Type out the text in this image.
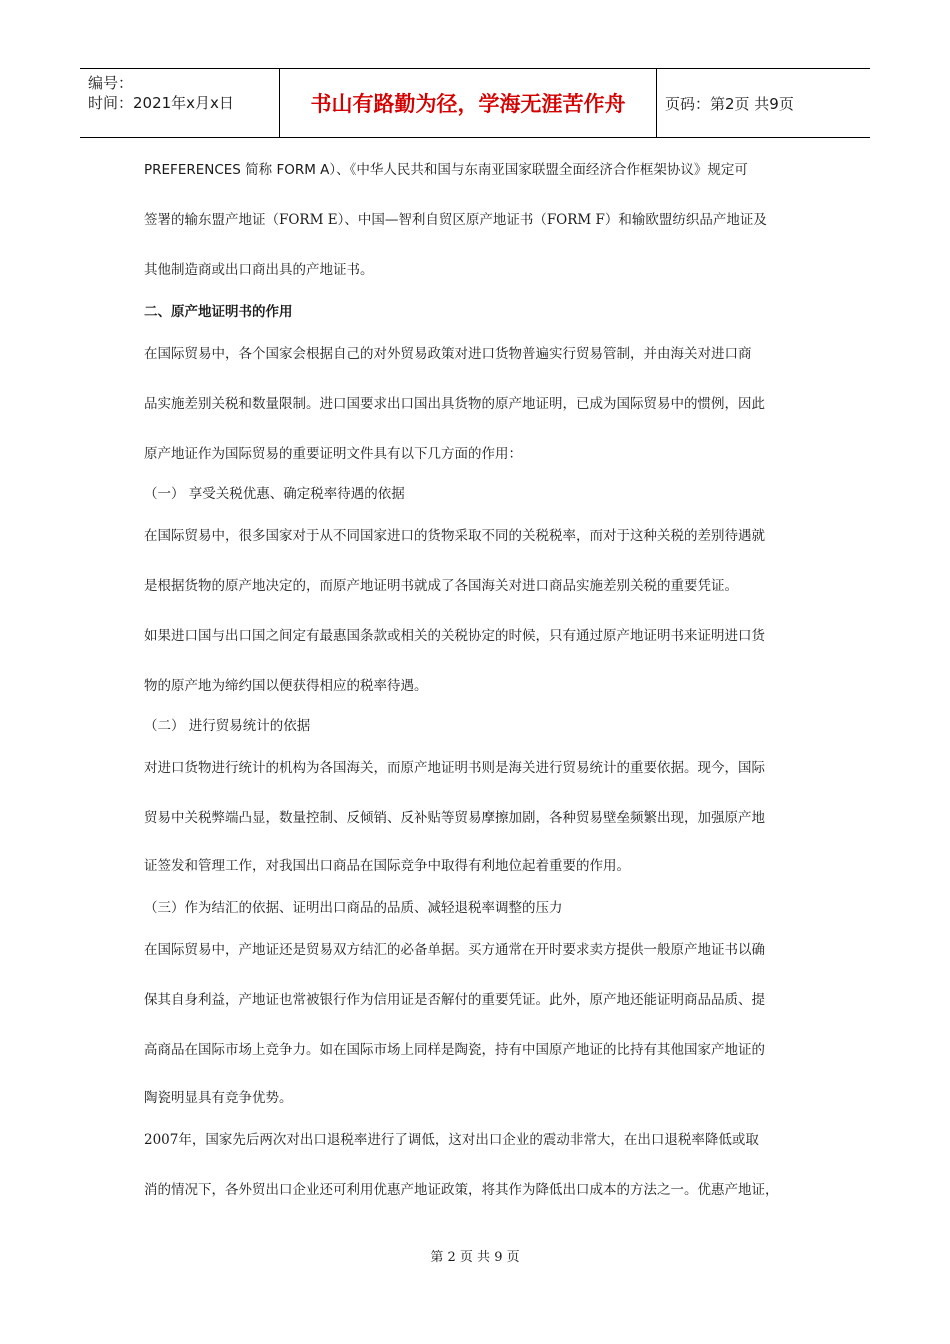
编号：
时间：2021年x月x日	书山有路勤为径，学海无涯苦作舟	页码：第2页 共9页
PREFERENCES 简称 FORM A）、《中华人民共和国与东南亚国家联盟全面经济合作框架协议》规定可
签署的输东盟产地证（FORM E）、中国—智利自贸区原产地证书（FORM F）和输欧盟纺织品产地证及
其他制造商或出口商出具的产地证书。
二、原产地证明书的作用
在国际贸易中，各个国家会根据自己的对外贸易政策对进口货物普遍实行贸易管制，并由海关对进口商
品实施差别关税和数量限制。进口国要求出口国出具货物的原产地证明，已成为国际贸易中的惯例，因此
原产地证作为国际贸易的重要证明文件具有以下几方面的作用：
（一） 享受关税优惠、确定税率待遇的依据
在国际贸易中，很多国家对于从不同国家进口的货物采取不同的关税税率，而对于这种关税的差别待遇就
是根据货物的原产地决定的，而原产地证明书就成了各国海关对进口商品实施差别关税的重要凭证。
如果进口国与出口国之间定有最惠国条款或相关的关税协定的时候，只有通过原产地证明书来证明进口货
物的原产地为缔约国以便获得相应的税率待遇。
（二） 进行贸易统计的依据
对进口货物进行统计的机构为各国海关，而原产地证明书则是海关进行贸易统计的重要依据。现今，国际
贸易中关税弊端凸显，数量控制、反倾销、反补贴等贸易摩擦加剧，各种贸易壁垒频繁出现，加强原产地
证签发和管理工作，对我国出口商品在国际竞争中取得有利地位起着重要的作用。
（三）作为结汇的依据、证明出口商品的品质、减轻退税率调整的压力
在国际贸易中，产地证还是贸易双方结汇的必备单据。买方通常在开时要求卖方提供一般原产地证书以确
保其自身利益，产地证也常被银行作为信用证是否解付的重要凭证。此外，原产地还能证明商品品质、提
高商品在国际市场上竞争力。如在国际市场上同样是陶瓷，持有中国原产地证的比持有其他国家产地证的
陶瓷明显具有竞争优势。
2007年，国家先后两次对出口退税率进行了调低，这对出口企业的震动非常大，在出口退税率降低或取
消的情况下，各外贸出口企业还可利用优惠产地证政策，将其作为降低出口成本的方法之一。优惠产地证，
第 2 页 共 9 页
